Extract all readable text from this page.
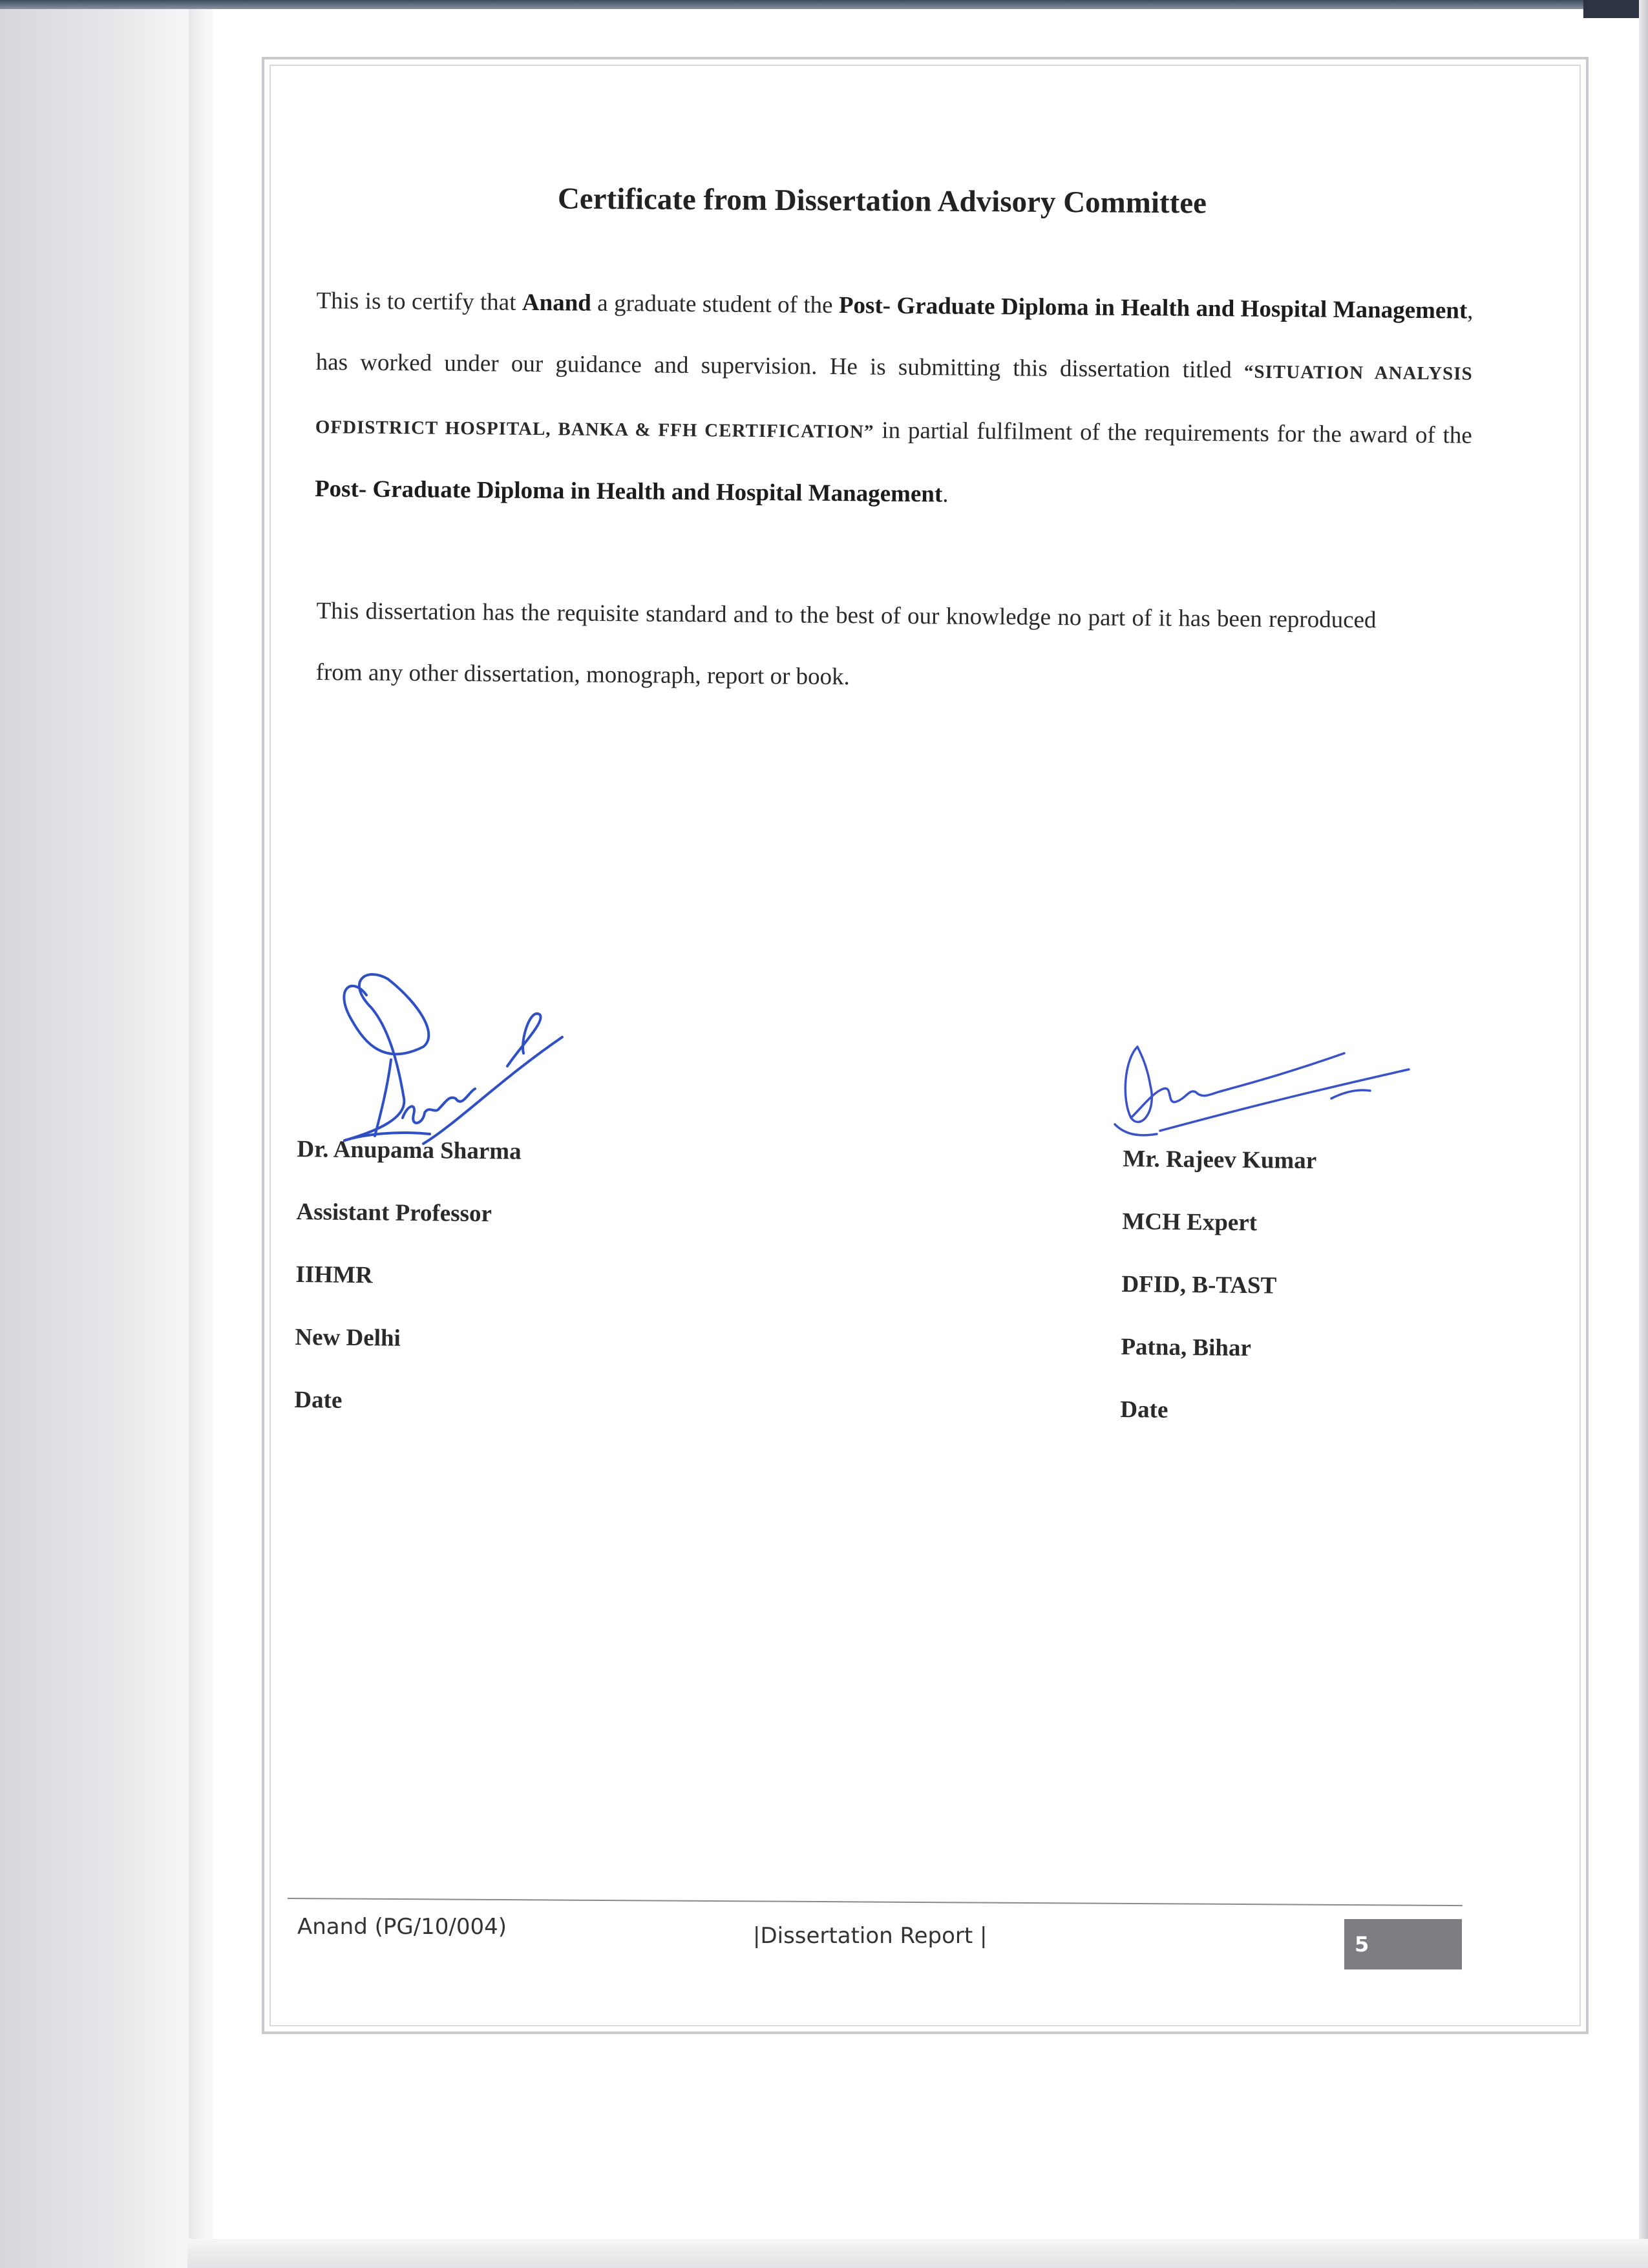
Certificate from Dissertation Advisory Committee
This is to certify that Anand a graduate student of the Post- Graduate Diploma in Health and Hospital Management, has worked under our guidance and supervision. He is submitting this dissertation titled “SITUATION ANALYSIS OFDISTRICT HOSPITAL, BANKA & FFH CERTIFICATION” in partial fulfilment of the requirements for the award of the Post- Graduate Diploma in Health and Hospital Management.
This dissertation has the requisite standard and to the best of our knowledge no part of it has been reproduced from any other dissertation, monograph, report or book.
Dr. Anupama Sharma
Assistant Professor
IIHMR
New Delhi
Date
Mr. Rajeev Kumar
MCH Expert
DFID, B-TAST
Patna, Bihar
Date
Anand (PG/10/004)	|Dissertation Report |	5
